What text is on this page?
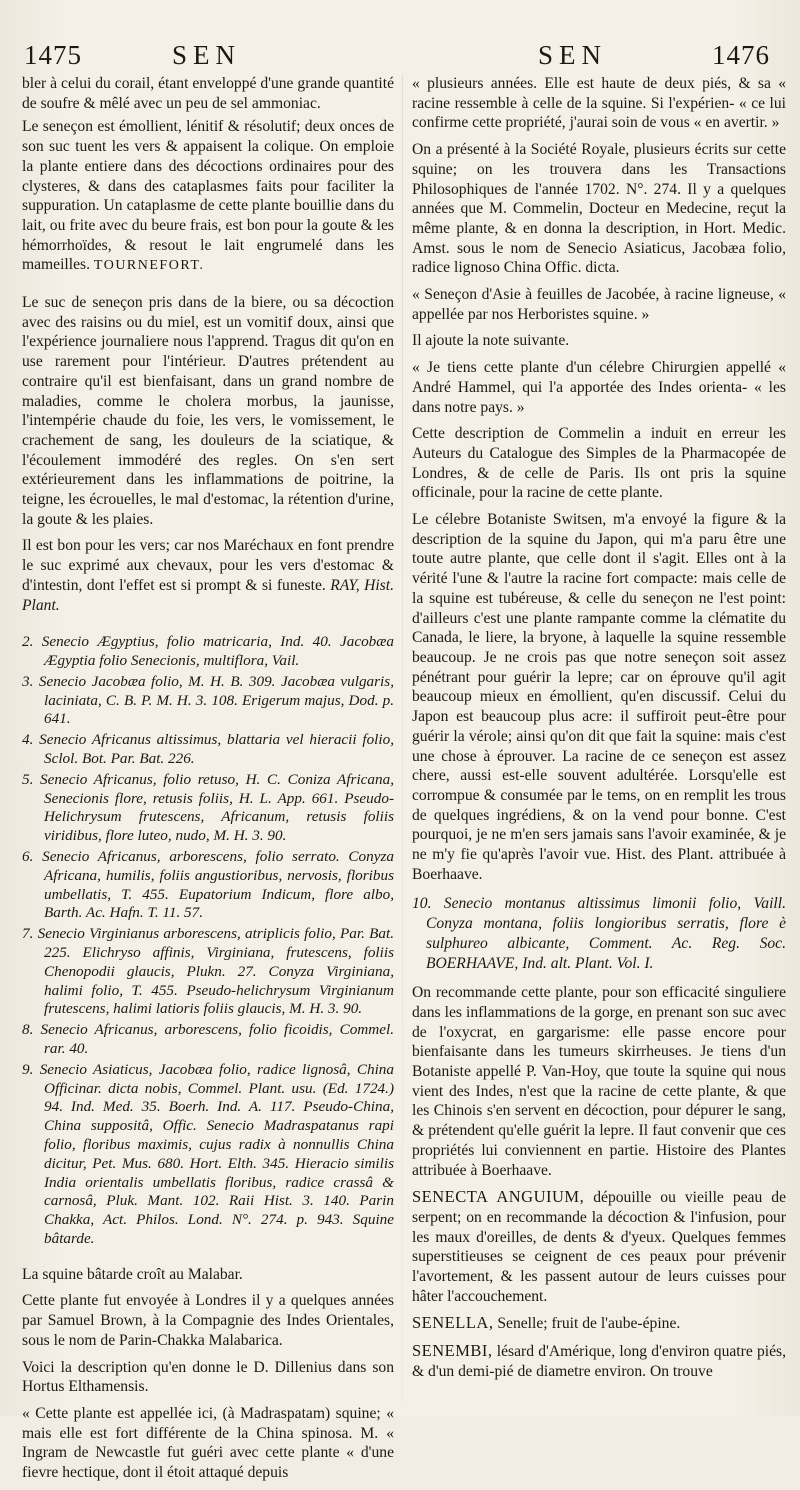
1475	SEN	SEN	1476

bler à celui du corail, étant enveloppé d'une grande quantité de soufre & mêlé avec un peu de sel ammoniac.

Le seneçon est émollient, lénitif & résolutif; deux onces de son suc tuent les vers & appaisent la colique. On emploie la plante entiere dans des décoctions ordinaires pour des clysteres, & dans des cataplasmes faits pour faciliter la suppuration. Un cataplasme de cette plante bouillie dans du lait, ou frite avec du beure frais, est bon pour la goute & les hémorrhoïdes, & resout le lait engrumelé dans les mameilles. TOURNEFORT.

Le suc de seneçon pris dans de la biere, ou sa décoction avec des raisins ou du miel, est un vomitif doux, ainsi que l'expérience journaliere nous l'apprend. Tragus dit qu'on en use rarement pour l'intérieur. D'autres prétendent au contraire qu'il est bienfaisant, dans un grand nombre de maladies, comme le cholera morbus, la jaunisse, l'intempérie chaude du foie, les vers, le vomissement, le crachement de sang, les douleurs de la sciatique, & l'écoulement immodéré des regles. On s'en sert extérieurement dans les inflammations de poitrine, la teigne, les écrouelles, le mal d'estomac, la rétention d'urine, la goute & les plaies.

Il est bon pour les vers; car nos Maréchaux en font prendre le suc exprimé aux chevaux, pour les vers d'estomac & d'intestin, dont l'effet est si prompt & si funeste. RAY, Hist. Plant.

2. Senecio Ægyptius, folio matricaria, Ind. 40. Jacobæa Ægyptia folio Senecionis, multiflora, Vail.

3. Senecio Jacobæa folio, M. H. B. 309. Jacobæa vulgaris, laciniata, C. B. P. M. H. 3. 108. Erigerum majus, Dod. p. 641.

4. Senecio Africanus altissimus, blattaria vel hieracii folio, Sclol. Bot. Par. Bat. 226.

5. Senecio Africanus, folio retuso, H. C. Coniza Africana, Senecionis flore, retusis foliis, H. L. App. 661. Pseudo-Helichrysum frutescens, Africanum, retusis foliis viridibus, flore luteo, nudo, M. H. 3. 90.

6. Senecio Africanus, arborescens, folio serrato. Conyza Africana, humilis, foliis angustioribus, nervosis, floribus umbellatis, T. 455. Eupatorium Indicum, flore albo, Barth. Ac. Hafn. T. 11. 57.

7. Senecio Virginianus arborescens, atriplicis folio, Par. Bat. 225. Elichryso affinis, Virginiana, frutescens, foliis Chenopodii glaucis, Plukn. 27. Conyza Virginiana, halimi folio, T. 455. Pseudo-helichrysum Virginianum frutescens, halimi latioris foliis glaucis, M. H. 3. 90.

8. Senecio Africanus, arborescens, folio ficoidis, Commel. rar. 40.

9. Senecio Asiaticus, Jacobæa folio, radice lignosâ, China Officinar. dicta nobis, Commel. Plant. usu. (Ed. 1724.) 94. Ind. Med. 35. Boerh. Ind. A. 117. Pseudo-China, China suppositâ, Offic. Senecio Madraspatanus rapi folio, floribus maximis, cujus radix à nonnullis China dicitur, Pet. Mus. 680. Hort. Elth. 345. Hieracio similis India orientalis umbellatis floribus, radice crassâ & carnosâ, Pluk. Mant. 102. Raii Hist. 3. 140. Parin Chakka, Act. Philos. Lond. N°. 274. p. 943. Squine bâtarde.

La squine bâtarde croît au Malabar.

Cette plante fut envoyée à Londres il y a quelques années par Samuel Brown, à la Compagnie des Indes Orientales, sous le nom de Parin-Chakka Malabarica.

Voici la description qu'en donne le D. Dillenius dans son Hortus Elthamensis.

« Cette plante est appellée ici, (à Madraspatam) squine; « mais elle est fort différente de la China spinosa. M. « Ingram de Newcastle fut guéri avec cette plante « d'une fievre hectique, dont il étoit attaqué depuis

« plusieurs années. Elle est haute de deux piés, & sa « racine ressemble à celle de la squine. Si l'expérien- « ce lui confirme cette propriété, j'aurai soin de vous « en avertir. »

On a présenté à la Société Royale, plusieurs écrits sur cette squine; on les trouvera dans les Transactions Philosophiques de l'année 1702. N°. 274. Il y a quelques années que M. Commelin, Docteur en Medecine, reçut la même plante, & en donna la description, in Hort. Medic. Amst. sous le nom de Senecio Asiaticus, Jacobæa folio, radice lignoso China Offic. dicta.

« Seneçon d'Asie à feuilles de Jacobée, à racine ligneuse, « appellée par nos Herboristes squine. »

Il ajoute la note suivante.

« Je tiens cette plante d'un célebre Chirurgien appellé « André Hammel, qui l'a apportée des Indes orienta- « les dans notre pays. »

Cette description de Commelin a induit en erreur les Auteurs du Catalogue des Simples de la Pharmacopée de Londres, & de celle de Paris. Ils ont pris la squine officinale, pour la racine de cette plante.

Le célebre Botaniste Switsen, m'a envoyé la figure & la description de la squine du Japon, qui m'a paru être une toute autre plante, que celle dont il s'agit. Elles ont à la vérité l'une & l'autre la racine fort compacte: mais celle de la squine est tubéreuse, & celle du seneçon ne l'est point: d'ailleurs c'est une plante rampante comme la clématite du Canada, le liere, la bryone, à laquelle la squine ressemble beaucoup. Je ne crois pas que notre seneçon soit assez pénétrant pour guérir la lepre; car on éprouve qu'il agit beaucoup mieux en émollient, qu'en discussif. Celui du Japon est beaucoup plus acre: il suffiroit peut-être pour guérir la vérole; ainsi qu'on dit que fait la squine: mais c'est une chose à éprouver. La racine de ce seneçon est assez chere, aussi est-elle souvent adultérée. Lorsqu'elle est corrompue & consumée par le tems, on en remplit les trous de quelques ingrédiens, & on la vend pour bonne. C'est pourquoi, je ne m'en sers jamais sans l'avoir examinée, & je ne m'y fie qu'après l'avoir vue. Hist. des Plant. attribuée à Boerhaave.

10. Senecio montanus altissimus limonii folio, Vaill. Conyza montana, foliis longioribus serratis, flore è sulphureo albicante, Comment. Ac. Reg. Soc. BOERHAAVE, Ind. alt. Plant. Vol. I.

On recommande cette plante, pour son efficacité singuliere dans les inflammations de la gorge, en prenant son suc avec de l'oxycrat, en gargarisme: elle passe encore pour bienfaisante dans les tumeurs skirrheuses. Je tiens d'un Botaniste appellé P. Van-Hoy, que toute la squine qui nous vient des Indes, n'est que la racine de cette plante, & que les Chinois s'en servent en décoction, pour dépurer le sang, & prétendent qu'elle guérit la lepre. Il faut convenir que ces propriétés lui conviennent en partie. Histoire des Plantes attribuée à Boerhaave.

SENECTA ANGUIUM, dépouille ou vieille peau de serpent; on en recommande la décoction & l'infusion, pour les maux d'oreilles, de dents & d'yeux. Quelques femmes superstitieuses se ceignent de ces peaux pour prévenir l'avortement, & les passent autour de leurs cuisses pour hâter l'accouchement.

SENELLA, Senelle; fruit de l'aube-épine.

SENEMBI, lésard d'Amérique, long d'environ quatre piés, & d'un demi-pié de diametre environ. On trouve
